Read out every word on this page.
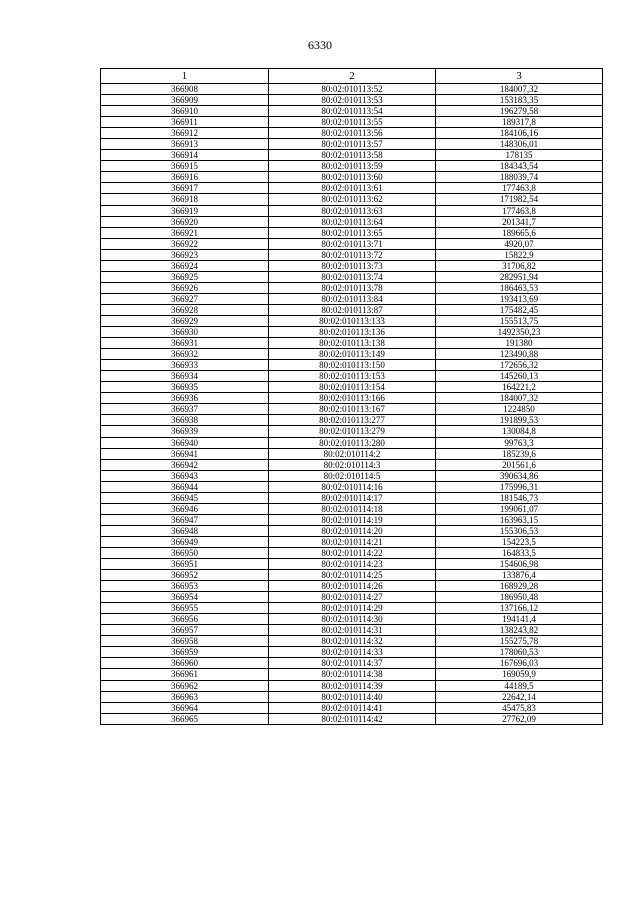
6330
1	2	3
366908	80:02:010113:52	184007,32
366909	80:02:010113:53	153183,35
366910	80:02:010113:54	196279,58
366911	80:02:010113:55	189317,8
366912	80:02:010113:56	184106,16
366913	80:02:010113:57	148306,01
366914	80:02:010113:58	178135
366915	80:02:010113:59	184343,54
366916	80:02:010113:60	188039,74
366917	80:02:010113:61	177463,8
366918	80:02:010113:62	171982,54
366919	80:02:010113:63	177463,8
366920	80:02:010113:64	201341,7
366921	80:02:010113:65	189665,6
366922	80:02:010113:71	4920,07
366923	80:02:010113:72	15822,9
366924	80:02:010113:73	31706,82
366925	80:02:010113:74	282951,94
366926	80:02:010113:78	186463,53
366927	80:02:010113:84	193413,69
366928	80:02:010113:87	175482,45
366929	80:02:010113:133	155513,75
366930	80:02:010113:136	1492350,23
366931	80:02:010113:138	191380
366932	80:02:010113:149	123490,88
366933	80:02:010113:150	172656,32
366934	80:02:010113:153	145260,13
366935	80:02:010113:154	164221,2
366936	80:02:010113:166	184007,32
366937	80:02:010113:167	1224850
366938	80:02:010113:277	191899,53
366939	80:02:010113:279	130084,8
366940	80:02:010113:280	99763,3
366941	80:02:010114:2	185239,6
366942	80:02:010114:3	201561,6
366943	80:02:010114:5	390634,86
366944	80:02:010114:16	175996,31
366945	80:02:010114:17	181546,73
366946	80:02:010114:18	199061,07
366947	80:02:010114:19	163963,15
366948	80:02:010114:20	155306,53
366949	80:02:010114:21	154223,5
366950	80:02:010114:22	164833,5
366951	80:02:010114:23	154606,98
366952	80:02:010114:25	133876,4
366953	80:02:010114:26	168929,28
366954	80:02:010114:27	186950,48
366955	80:02:010114:29	137166,12
366956	80:02:010114:30	194141,4
366957	80:02:010114:31	138243,82
366958	80:02:010114:32	155275,78
366959	80:02:010114:33	178060,53
366960	80:02:010114:37	167696,03
366961	80:02:010114:38	169059,9
366962	80:02:010114:39	44189,5
366963	80:02:010114:40	22642,14
366964	80:02:010114:41	45475,83
366965	80:02:010114:42	27762,09
